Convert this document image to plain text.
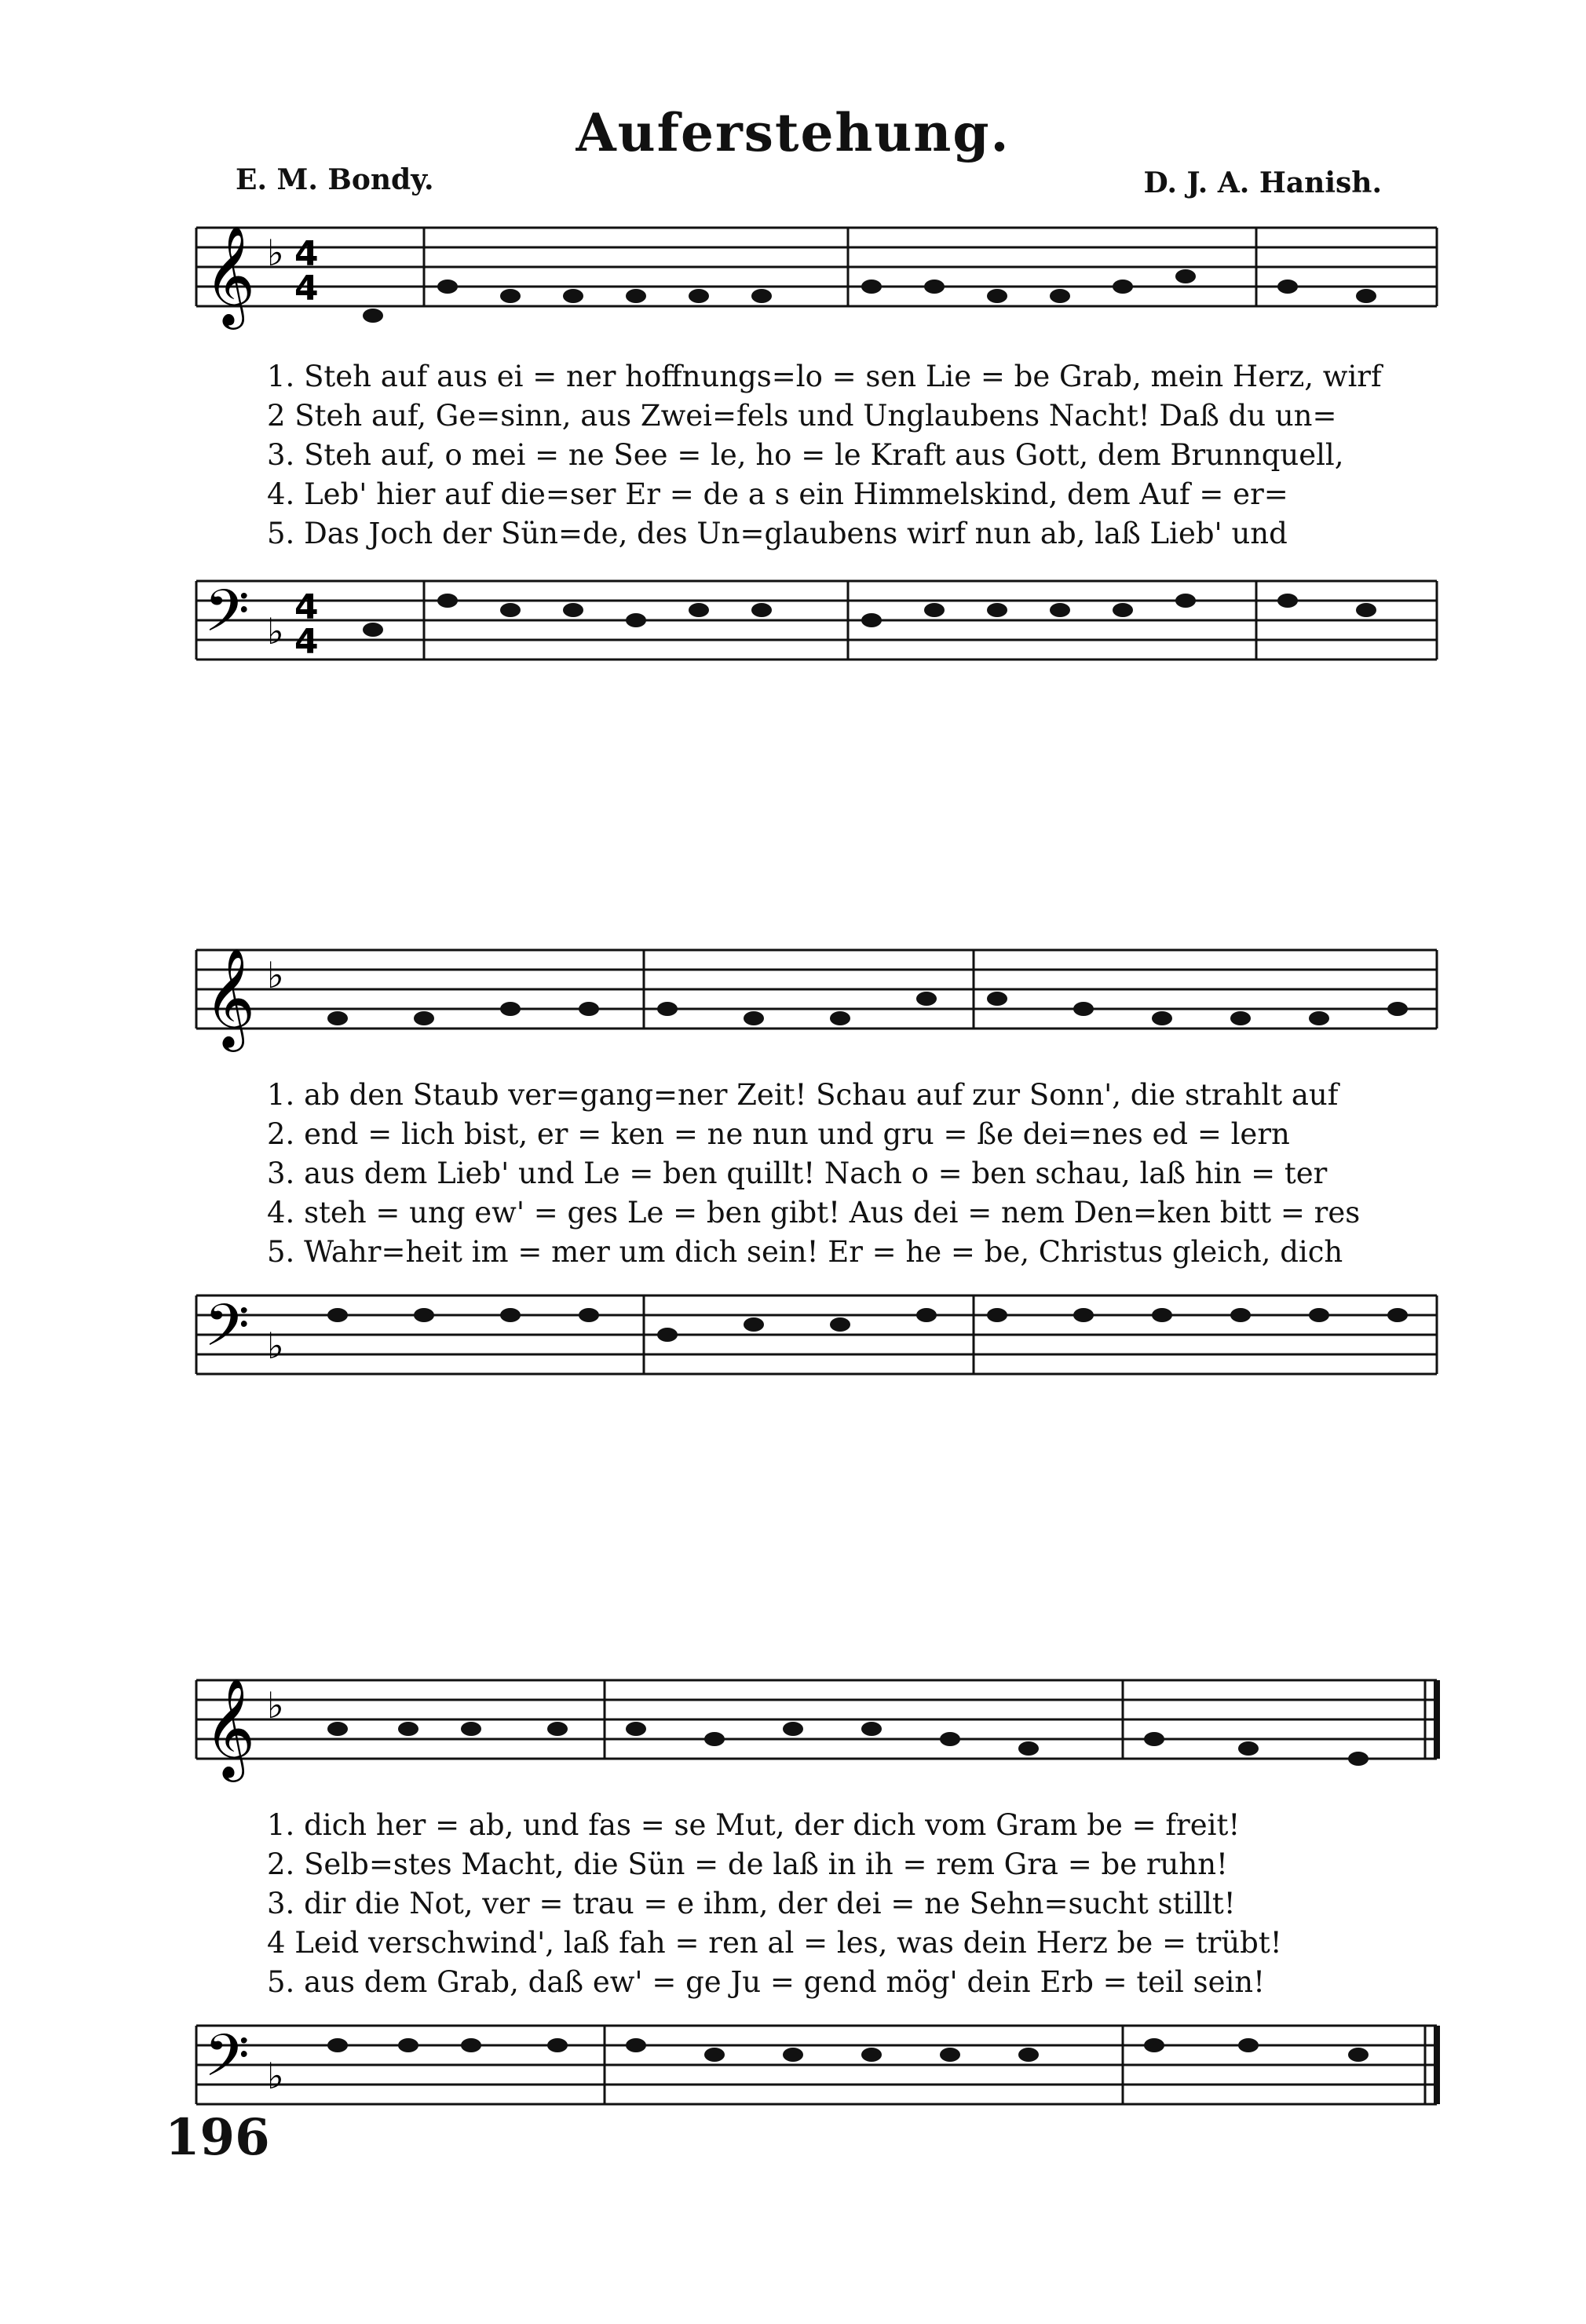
Auferstehung.
E. M. Bondy.	D. J. A. Hanish.
𝄞 ♭ 4
4
1. Steh auf aus ei = ner hoffnungs=lo = sen Lie = be Grab, mein Herz, wirf
2 Steh auf, Ge=sinn, aus Zwei=fels und Unglaubens Nacht! Daß du un=
3. Steh auf, o mei = ne See = le, ho = le Kraft aus Gott, dem Brunnquell,
4. Leb' hier auf die=ser Er = de a s ein Himmelskind, dem Auf = er=
5. Das Joch der Sün=de, des Un=glaubens wirf nun ab, laß Lieb' und
𝄢 ♭
4
4
𝄞 ♭
1. ab den Staub ver=gang=ner Zeit! Schau auf zur Sonn', die strahlt auf
2. end = lich bist, er = ken = ne nun und gru = ße dei=nes ed = lern
3. aus dem Lieb' und Le = ben quillt! Nach o = ben schau, laß hin = ter
4. steh = ung ew' = ges Le = ben gibt! Aus dei = nem Den=ken bitt = res
5. Wahr=heit im = mer um dich sein! Er = he = be, Christus gleich, dich
𝄢 ♭
𝄞 ♭
1. dich her = ab, und fas = se Mut, der dich vom Gram be = freit!
2. Selb=stes Macht, die Sün = de laß in ih = rem Gra = be ruhn!
3. dir die Not, ver = trau = e ihm, der dei = ne Sehn=sucht stillt!
4 Leid verschwind', laß fah = ren al = les, was dein Herz be = trübt!
5. aus dem Grab, daß ew' = ge Ju = gend mög' dein Erb = teil sein!
𝄢 ♭
196
